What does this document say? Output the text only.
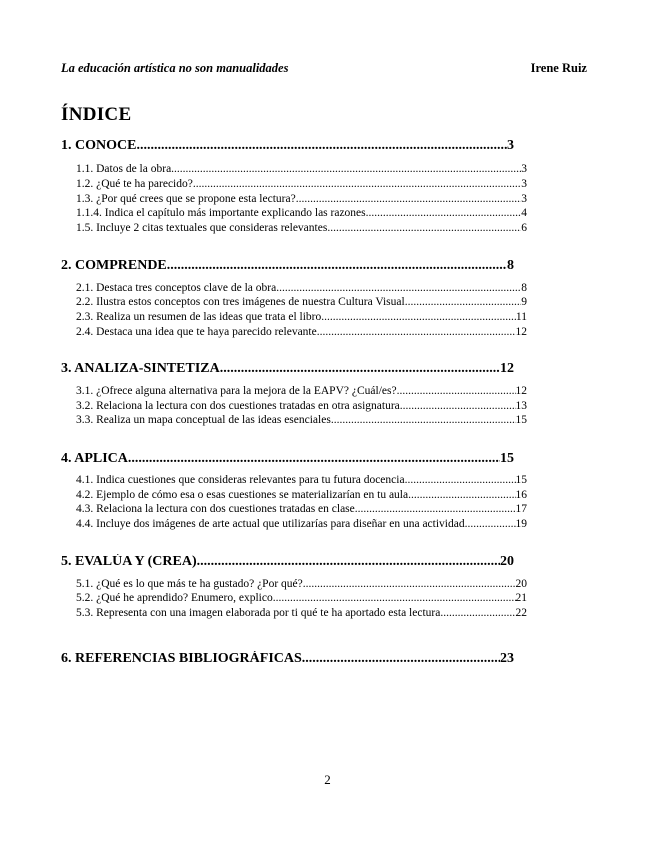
La educación artística no son manualidades	Irene Ruiz
ÍNDICE
1. CONOCE .....	3
1.1. Datos de la obra .....	3
1.2. ¿Qué te ha parecido? .....	3
1.3. ¿Por qué crees que se propone esta lectura? .....	3
1.1.4. Indica el capítulo más importante explicando las razones .....	4
1.5. Incluye 2 citas textuales que consideras relevantes .....	6
2. COMPRENDE .....	8
2.1. Destaca tres conceptos clave de la obra .....	8
2.2. Ilustra estos conceptos con tres imágenes de nuestra Cultura Visual .....	9
2.3. Realiza un resumen de las ideas que trata el libro .....	11
2.4. Destaca una idea que te haya parecido relevante .....	12
3. ANALIZA-SINTETIZA .....	12
3.1. ¿Ofrece alguna alternativa para la mejora de la EAPV? ¿Cuál/es? .....	12
3.2. Relaciona la lectura con dos cuestiones tratadas en otra asignatura .....	13
3.3. Realiza un mapa conceptual de las ideas esenciales .....	15
4. APLICA .....	15
4.1. Indica cuestiones que consideras relevantes para tu futura docencia .....	15
4.2. Ejemplo de cómo esa o esas cuestiones se materializarían en tu aula .....	16
4.3. Relaciona la lectura con dos cuestiones tratadas en clase .....	17
4.4. Incluye dos imágenes de arte actual que utilizarías para diseñar en una actividad .....	19
5. EVALÚA Y (CREA) .....	20
5.1. ¿Qué es lo que más te ha gustado? ¿Por qué? .....	20
5.2. ¿Qué he aprendido? Enumero, explico .....	21
5.3. Representa con una imagen elaborada por ti qué te ha aportado esta lectura .....	22
6. REFERENCIAS BIBLIOGRÁFICAS .....	23
2
